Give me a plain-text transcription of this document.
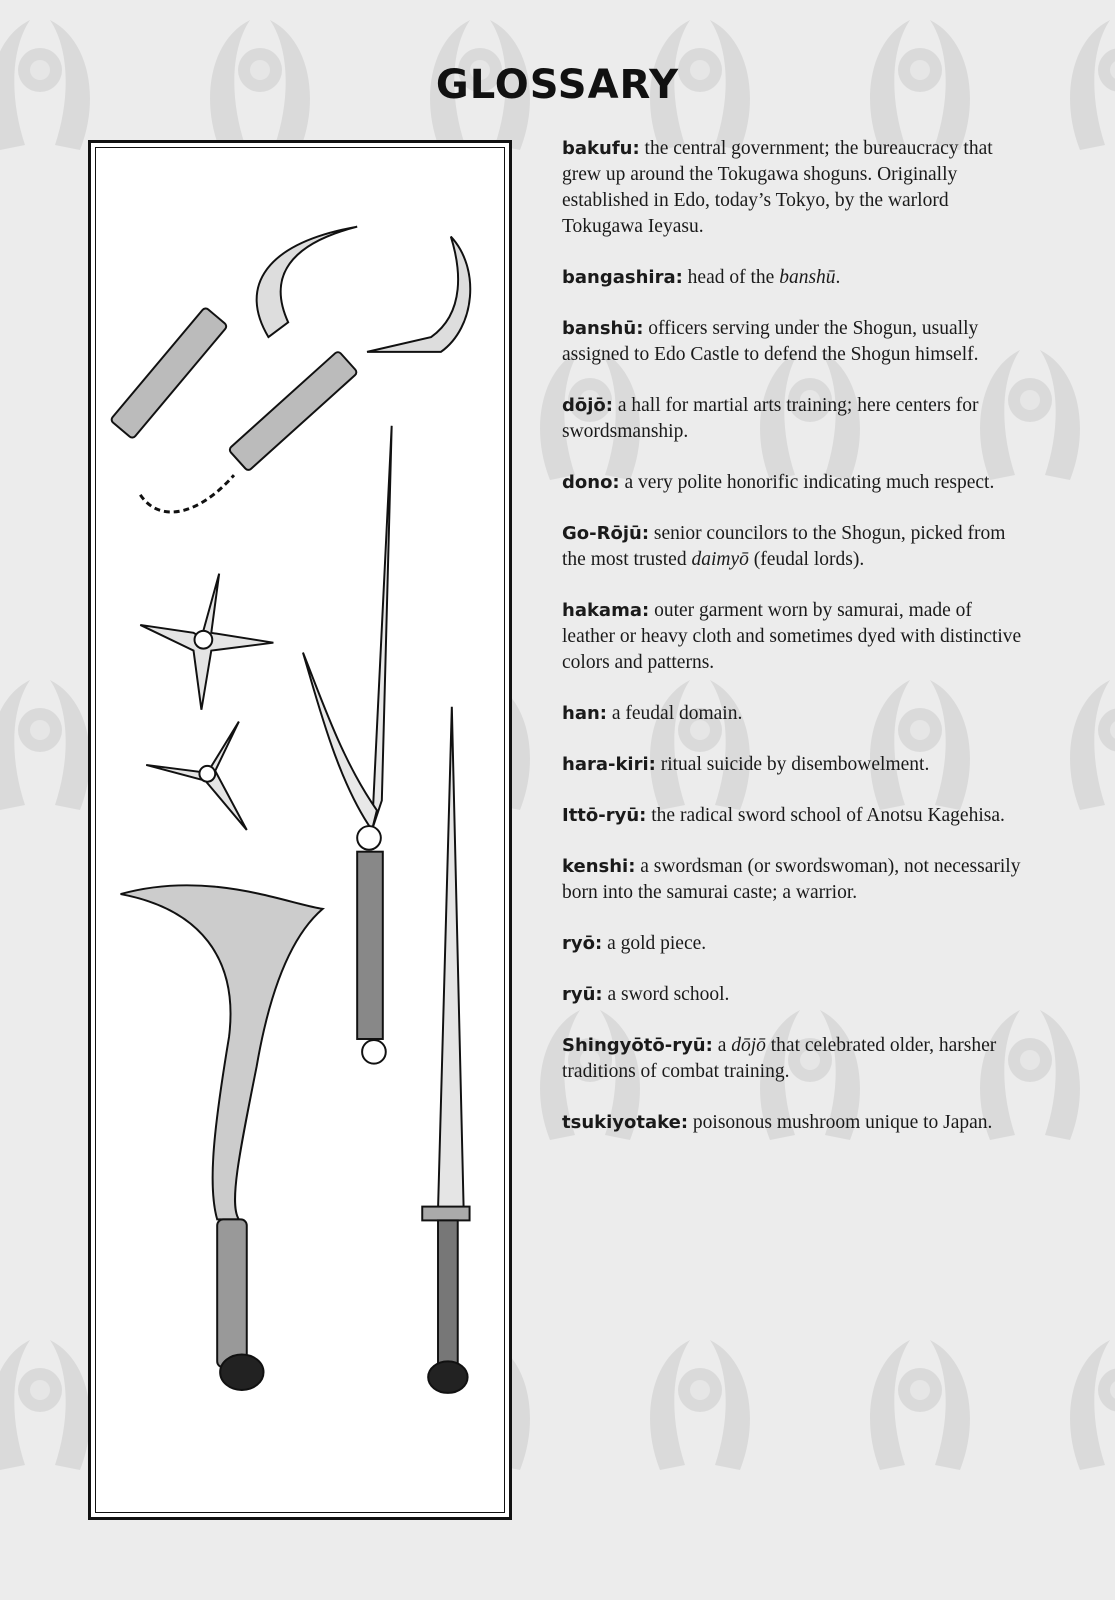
GLOSSARY

bakufu: the central government; the bureaucracy that grew up around the Tokugawa shoguns. Originally established in Edo, today’s Tokyo, by the warlord Tokugawa Ieyasu.

bangashira: head of the banshū.

banshū: officers serving under the Shogun, usually assigned to Edo Castle to defend the Shogun himself.

dōjō: a hall for martial arts training; here centers for swordsmanship.

dono: a very polite honorific indicating much respect.

Go-Rōjū: senior councilors to the Shogun, picked from the most trusted daimyō (feudal lords).

hakama: outer garment worn by samurai, made of leather or heavy cloth and sometimes dyed with distinctive colors and patterns.

han: a feudal domain.

hara-kiri: ritual suicide by disembowelment.

Ittō-ryū: the radical sword school of Anotsu Kagehisa.

kenshi: a swordsman (or swordswoman), not necessarily born into the samurai caste; a warrior.

ryō: a gold piece.

ryū: a sword school.

Shingyōtō-ryū: a dōjō that celebrated older, harsher traditions of combat training.

tsukiyotake: poisonous mushroom unique to Japan.
